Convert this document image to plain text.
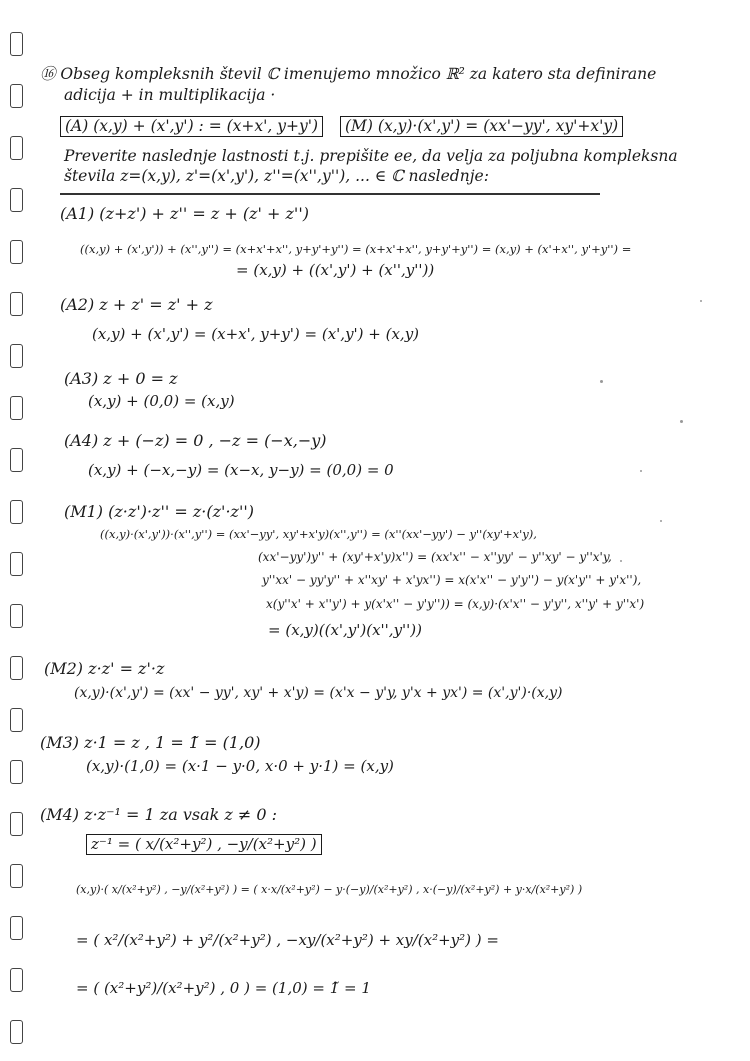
⑯ Obseg kompleksnih števil ℂ imenujemo množico ℝ² za katero sta definirane
adicija + in multiplikacija ·
(A) (x,y) + (x',y') : = (x+x', y+y')	(M) (x,y)·(x',y') = (xx'−yy', xy'+x'y)
Preverite naslednje lastnosti t.j. prepišite ee, da velja za poljubna kompleksna
števila z=(x,y), z'=(x',y'), z''=(x'',y''), ... ∈ ℂ naslednje:
(A1) (z+z') + z'' = z + (z' + z'')
((x,y) + (x',y')) + (x'',y'') = (x+x'+x'', y+y'+y'') = (x+x'+x'', y+y'+y'') = (x,y) + (x'+x'', y'+y'') =
= (x,y) + ((x',y') + (x'',y''))
(A2) z + z' = z' + z
(x,y) + (x',y') = (x+x', y+y') = (x',y') + (x,y)
(A3) z + 0 = z
(x,y) + (0,0) = (x,y)
(A4) z + (−z) = 0 , −z = (−x,−y)
(x,y) + (−x,−y) = (x−x, y−y) = (0,0) = 0
(M1) (z·z')·z'' = z·(z'·z'')
((x,y)·(x',y'))·(x'',y'') = (xx'−yy', xy'+x'y)(x'',y'') = (x''(xx'−yy') − y''(xy'+x'y),
(xx'−yy')y'' + (xy'+x'y)x'') = (xx'x'' − x''yy' − y''xy' − y''x'y,
y''xx' − yy'y'' + x''xy' + x'yx'') = x(x'x'' − y'y'') − y(x'y'' + y'x''),
x(y''x' + x''y') + y(x'x'' − y'y'')) = (x,y)·(x'x'' − y'y'', x''y' + y''x')
= (x,y)((x',y')(x'',y''))
(M2) z·z' = z'·z
(x,y)·(x',y') = (xx' − yy', xy' + x'y) = (x'x − y'y, y'x + yx') = (x',y')·(x,y)
(M3) z·1 = z , 1 = 1̃ = (1,0)
(x,y)·(1,0) = (x·1 − y·0, x·0 + y·1) = (x,y)
(M4) z·z⁻¹ = 1 za vsak z ≠ 0 :
z⁻¹ = ( x/(x²+y²) , −y/(x²+y²) )
(x,y)·( x/(x²+y²) , −y/(x²+y²) ) = ( x·x/(x²+y²) − y·(−y)/(x²+y²) , x·(−y)/(x²+y²) + y·x/(x²+y²) )
= ( x²/(x²+y²) + y²/(x²+y²) , −xy/(x²+y²) + xy/(x²+y²) ) =
= ( (x²+y²)/(x²+y²) , 0 ) = (1,0) = 1̃ = 1
